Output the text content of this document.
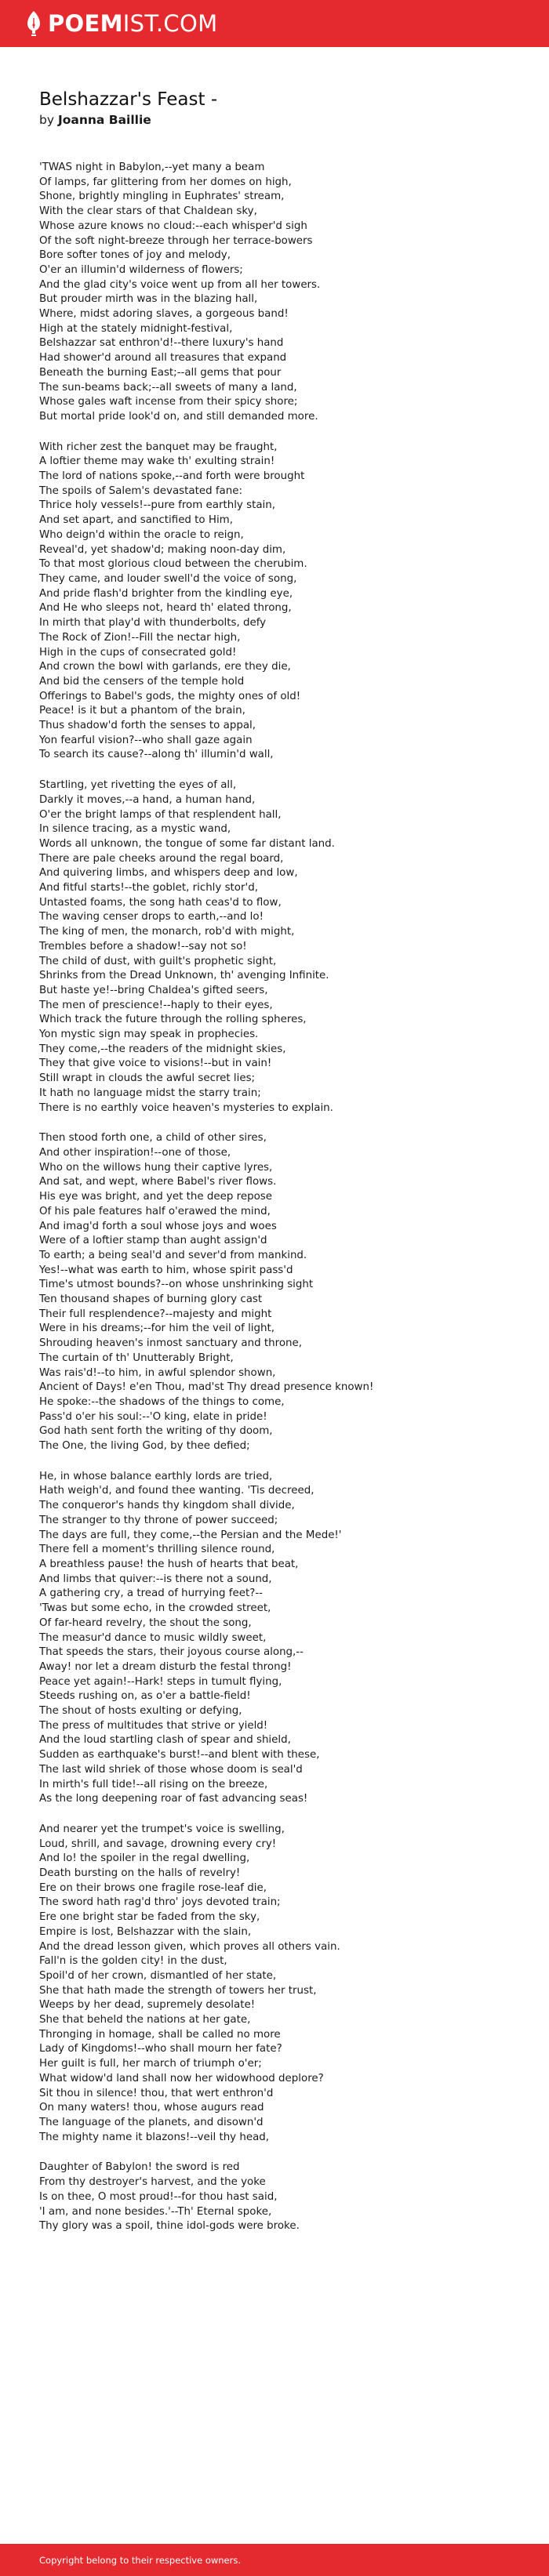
POEMIST.COM
Belshazzar's Feast -
by Joanna Baillie
'TWAS night in Babylon,--yet many a beam
Of lamps, far glittering from her domes on high,
Shone, brightly mingling in Euphrates' stream,
With the clear stars of that Chaldean sky,
Whose azure knows no cloud:--each whisper'd sigh
Of the soft night-breeze through her terrace-bowers
Bore softer tones of joy and melody,
O'er an illumin'd wilderness of flowers;
And the glad city's voice went up from all her towers.
But prouder mirth was in the blazing hall,
Where, midst adoring slaves, a gorgeous band!
High at the stately midnight-festival,
Belshazzar sat enthron'd!--there luxury's hand
Had shower'd around all treasures that expand
Beneath the burning East;--all gems that pour
The sun-beams back;--all sweets of many a land,
Whose gales waft incense from their spicy shore;
But mortal pride look'd on, and still demanded more.
With richer zest the banquet may be fraught,
A loftier theme may wake th' exulting strain!
The lord of nations spoke,--and forth were brought
The spoils of Salem's devastated fane:
Thrice holy vessels!--pure from earthly stain,
And set apart, and sanctified to Him,
Who deign'd within the oracle to reign,
Reveal'd, yet shadow'd; making noon-day dim,
To that most glorious cloud between the cherubim.
They came, and louder swell'd the voice of song,
And pride flash'd brighter from the kindling eye,
And He who sleeps not, heard th' elated throng,
In mirth that play'd with thunderbolts, defy
The Rock of Zion!--Fill the nectar high,
High in the cups of consecrated gold!
And crown the bowl with garlands, ere they die,
And bid the censers of the temple hold
Offerings to Babel's gods, the mighty ones of old!
Peace! is it but a phantom of the brain,
Thus shadow'd forth the senses to appal,
Yon fearful vision?--who shall gaze again
To search its cause?--along th' illumin'd wall,
Startling, yet rivetting the eyes of all,
Darkly it moves,--a hand, a human hand,
O'er the bright lamps of that resplendent hall,
In silence tracing, as a mystic wand,
Words all unknown, the tongue of some far distant land.
There are pale cheeks around the regal board,
And quivering limbs, and whispers deep and low,
And fitful starts!--the goblet, richly stor'd,
Untasted foams, the song hath ceas'd to flow,
The waving censer drops to earth,--and lo!
The king of men, the monarch, rob'd with might,
Trembles before a shadow!--say not so!
The child of dust, with guilt's prophetic sight,
Shrinks from the Dread Unknown, th' avenging Infinite.
But haste ye!--bring Chaldea's gifted seers,
The men of prescience!--haply to their eyes,
Which track the future through the rolling spheres,
Yon mystic sign may speak in prophecies.
They come,--the readers of the midnight skies,
They that give voice to visions!--but in vain!
Still wrapt in clouds the awful secret lies;
It hath no language midst the starry train;
There is no earthly voice heaven's mysteries to explain.
Then stood forth one, a child of other sires,
And other inspiration!--one of those,
Who on the willows hung their captive lyres,
And sat, and wept, where Babel's river flows.
His eye was bright, and yet the deep repose
Of his pale features half o'erawed the mind,
And imag'd forth a soul whose joys and woes
Were of a loftier stamp than aught assign'd
To earth; a being seal'd and sever'd from mankind.
Yes!--what was earth to him, whose spirit pass'd
Time's utmost bounds?--on whose unshrinking sight
Ten thousand shapes of burning glory cast
Their full resplendence?--majesty and might
Were in his dreams;--for him the veil of light,
Shrouding heaven's inmost sanctuary and throne,
The curtain of th' Unutterably Bright,
Was rais'd!--to him, in awful splendor shown,
Ancient of Days! e'en Thou, mad'st Thy dread presence known!
He spoke:--the shadows of the things to come,
Pass'd o'er his soul:--'O king, elate in pride!
God hath sent forth the writing of thy doom,
The One, the living God, by thee defied;
He, in whose balance earthly lords are tried,
Hath weigh'd, and found thee wanting. 'Tis decreed,
The conqueror's hands thy kingdom shall divide,
The stranger to thy throne of power succeed;
The days are full, they come,--the Persian and the Mede!'
There fell a moment's thrilling silence round,
A breathless pause! the hush of hearts that beat,
And limbs that quiver:--is there not a sound,
A gathering cry, a tread of hurrying feet?--
'Twas but some echo, in the crowded street,
Of far-heard revelry, the shout the song,
The measur'd dance to music wildly sweet,
That speeds the stars, their joyous course along,--
Away! nor let a dream disturb the festal throng!
Peace yet again!--Hark! steps in tumult flying,
Steeds rushing on, as o'er a battle-field!
The shout of hosts exulting or defying,
The press of multitudes that strive or yield!
And the loud startling clash of spear and shield,
Sudden as earthquake's burst!--and blent with these,
The last wild shriek of those whose doom is seal'd
In mirth's full tide!--all rising on the breeze,
As the long deepening roar of fast advancing seas!
And nearer yet the trumpet's voice is swelling,
Loud, shrill, and savage, drowning every cry!
And lo! the spoiler in the regal dwelling,
Death bursting on the halls of revelry!
Ere on their brows one fragile rose-leaf die,
The sword hath rag'd thro' joys devoted train;
Ere one bright star be faded from the sky,
Empire is lost, Belshazzar with the slain,
And the dread lesson given, which proves all others vain.
Fall'n is the golden city! in the dust,
Spoil'd of her crown, dismantled of her state,
She that hath made the strength of towers her trust,
Weeps by her dead, supremely desolate!
She that beheld the nations at her gate,
Thronging in homage, shall be called no more
Lady of Kingdoms!--who shall mourn her fate?
Her guilt is full, her march of triumph o'er;
What widow'd land shall now her widowhood deplore?
Sit thou in silence! thou, that wert enthron'd
On many waters! thou, whose augurs read
The language of the planets, and disown'd
The mighty name it blazons!--veil thy head,
Daughter of Babylon! the sword is red
From thy destroyer's harvest, and the yoke
Is on thee, O most proud!--for thou hast said,
'I am, and none besides.'--Th' Eternal spoke,
Thy glory was a spoil, thine idol-gods were broke.
Copyright belong to their respective owners.
